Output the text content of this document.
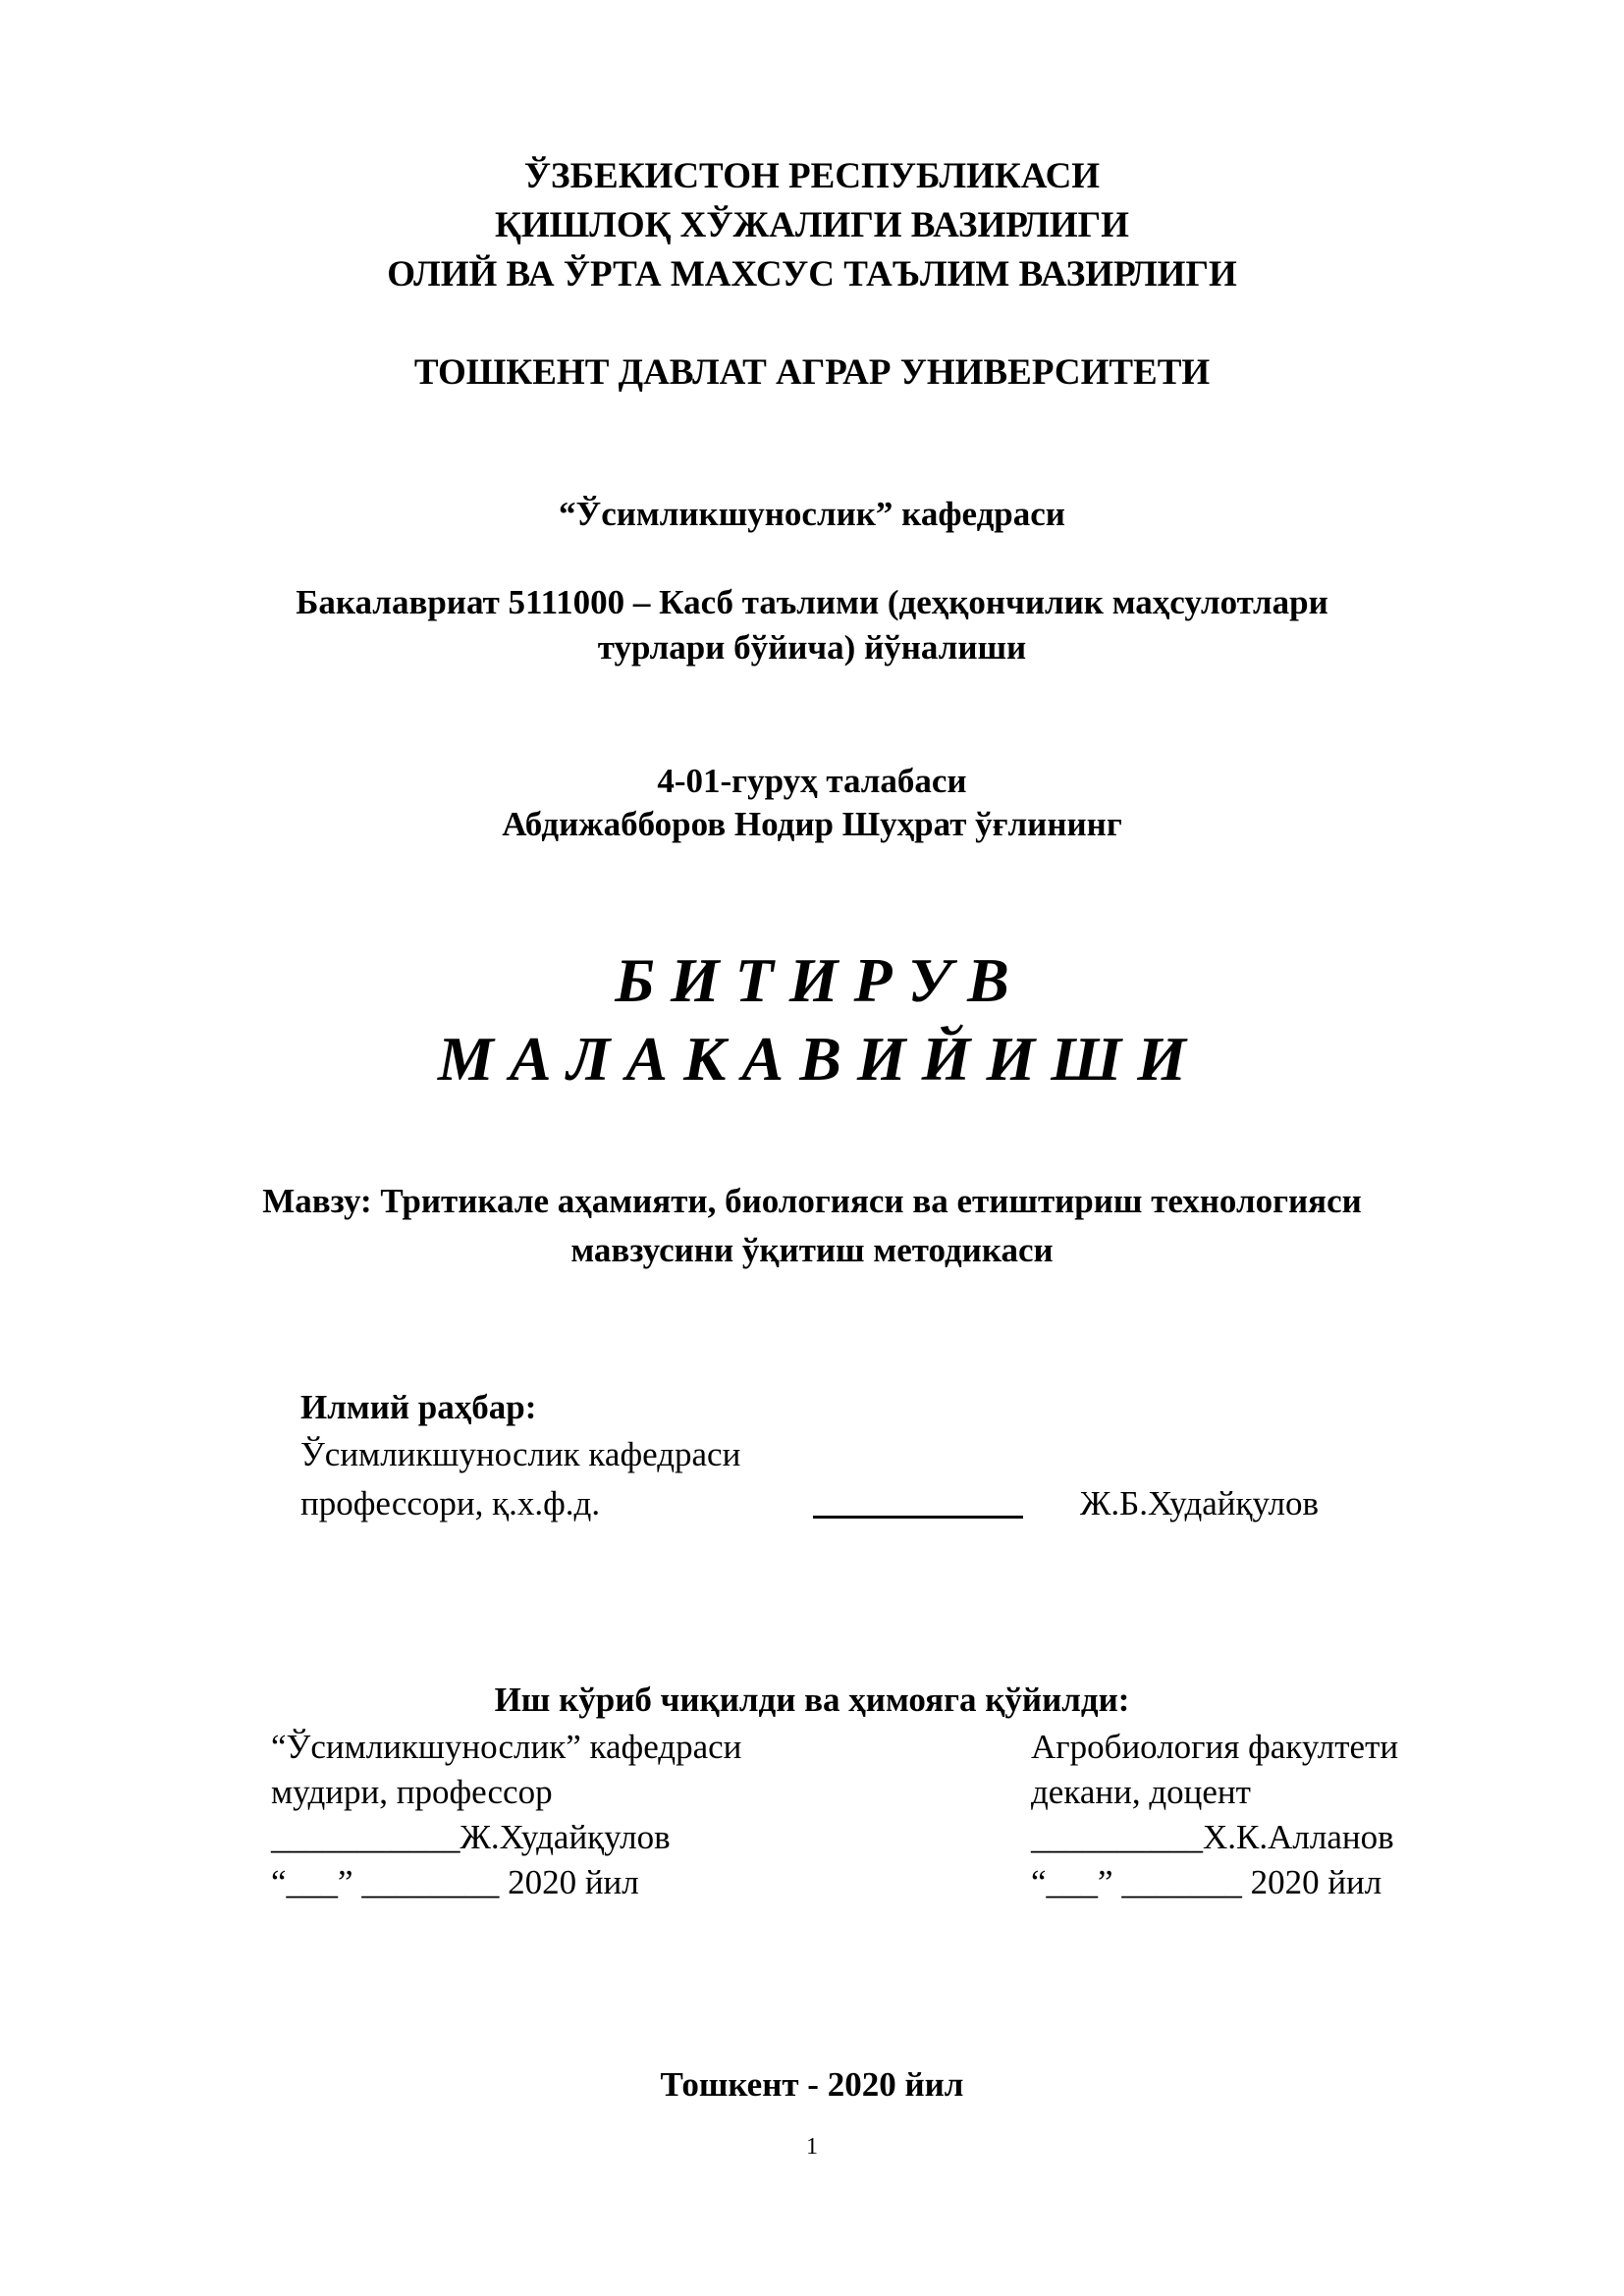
ЎЗБЕКИСТОН РЕСПУБЛИКАСИ
ҚИШЛОҚ ХЎЖАЛИГИ ВАЗИРЛИГИ
ОЛИЙ ВА ЎРТА МАХСУС ТАЪЛИМ ВАЗИРЛИГИ
ТОШКЕНТ ДАВЛАТ АГРАР УНИВЕРСИТЕТИ
“Ўсимликшунослик” кафедраси
Бакалавриат 5111000 – Касб таълими (деҳқончилик маҳсулотлари
турлари бўйича) йўналиши
4-01-гуруҳ талабаси
Абдижабборов Нодир Шуҳрат ўғлининг
Б И Т И Р У В
М А Л А К А В И Й И Ш И
Мавзу: Тритикале аҳамияти, биологияси ва етиштириш технологияси
мавзусини ўқитиш методикаси
Илмий раҳбар:
Ўсимликшунослик кафедраси
профессори, қ.х.ф.д.	Ж.Б.Худайқулов
Иш кўриб чиқилди ва ҳимояга қўйилди:
“Ўсимликшунослик” кафедраси
мудири, профессор
___________Ж.Худайқулов
“___” ________ 2020 йил
Агробиология факултети
декани, доцент
__________Х.К.Алланов
“___” _______ 2020 йил
Тошкент - 2020 йил
1
